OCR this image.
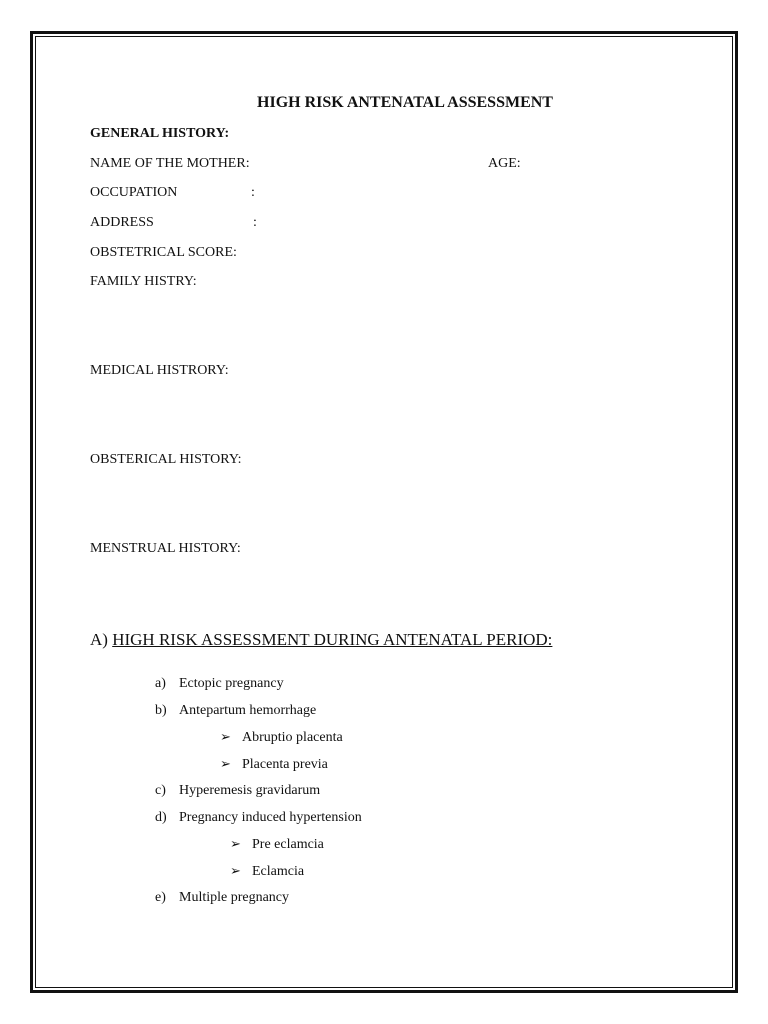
HIGH RISK ANTENATAL ASSESSMENT
GENERAL HISTORY:
NAME OF THE MOTHER:	AGE:
OCCUPATION	:
ADDRESS	:
OBSTETRICAL SCORE:
FAMILY HISTRY:
MEDICAL HISTRORY:
OBSTERICAL HISTORY:
MENSTRUAL HISTORY:
A) HIGH RISK ASSESSMENT DURING ANTENATAL PERIOD:
a) Ectopic pregnancy
b) Antepartum hemorrhage
➢ Abruptio placenta
➢ Placenta previa
c) Hyperemesis gravidarum
d) Pregnancy induced hypertension
➢ Pre eclamcia
➢ Eclamcia
e) Multiple pregnancy
